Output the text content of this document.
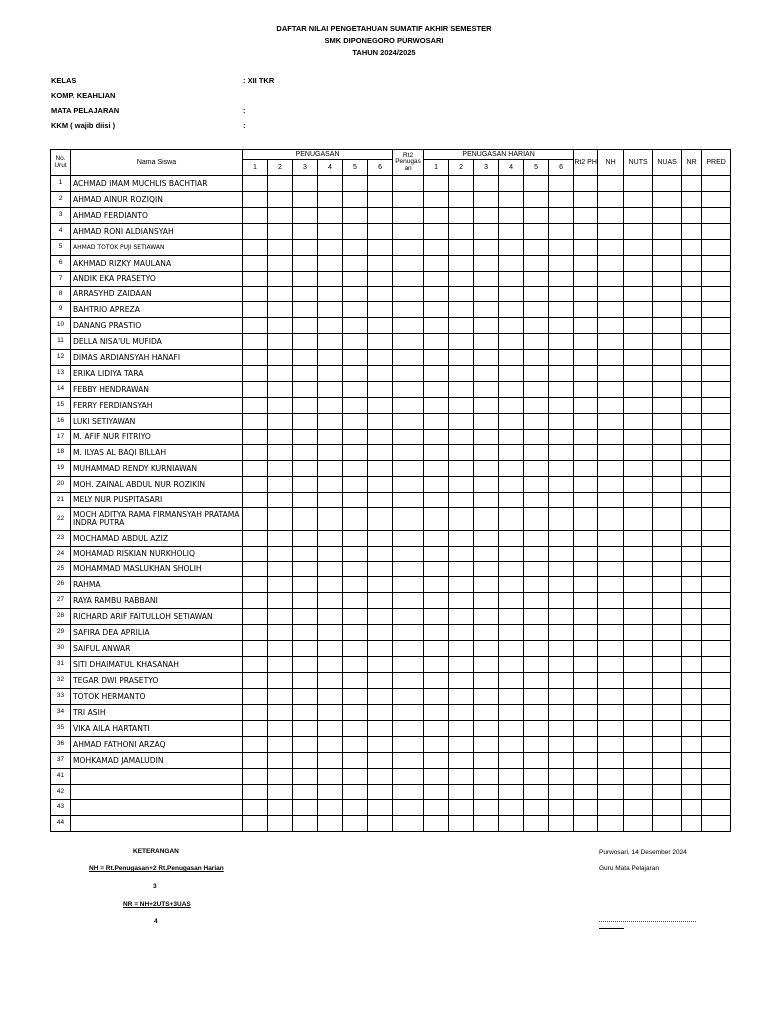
DAFTAR NILAI PENGETAHUAN SUMATIF AKHIR SEMESTER
SMK DIPONEGORO PURWOSARI
TAHUN 2024/2025
KELAS	: XII TKR
KOMP. KEAHLIAN
MATA PELAJARAN	:
KKM ( wajib diisi )	:
No. Urut	Nama Siswa	PENUGASAN						Rt2 Penugas an	PENUGASAN HARIAN						Rt2 PH	NH	NUTS	NUAS	NR	PRED
		1	2	3	4	5	6		1	2	3	4	5	6						
1	ACHMAD IMAM MUCHLIS BACHTIAR																			
2	AHMAD AINUR ROZIQIN																			
3	AHMAD FERDIANTO																			
4	AHMAD RONI ALDIANSYAH																			
5	AHMAD TOTOK PUJI SETIAWAN																			
6	AKHMAD RIZKY MAULANA																			
7	ANDIK EKA PRASETYO																			
8	ARRASYHD ZAIDAAN																			
9	BAHTRIO APREZA																			
10	DANANG PRASTIO																			
11	DELLA NISA'UL MUFIDA																			
12	DIMAS ARDIANSYAH HANAFI																			
13	ERIKA LIDIYA TARA																			
14	FEBBY HENDRAWAN																			
15	FERRY FERDIANSYAH																			
16	LUKI SETIYAWAN																			
17	M. AFIF NUR FITRIYO																			
18	M. ILYAS AL BAQI BILLAH																			
19	MUHAMMAD RENDY KURNIAWAN																			
20	MOH. ZAINAL ABDUL NUR ROZIKIN																			
21	MELY NUR PUSPITASARI																			
22	MOCH ADITYA RAMA FIRMANSYAH PRATAMA INDRA PUTRA																			
23	MOCHAMAD ABDUL AZIZ																			
24	MOHAMAD RISKIAN NURKHOLIQ																			
25	MOHAMMAD MASLUKHAN SHOLIH																			
26	RAHMA																			
27	RAYA RAMBU RABBANI																			
28	RICHARD ARIF FAITULLOH SETIAWAN																			
29	SAFIRA DEA APRILIA																			
30	SAIFUL ANWAR																			
31	SITI DHAIMATUL KHASANAH																			
32	TEGAR DWI PRASETYO																			
33	TOTOK HERMANTO																			
34	TRI ASIH																			
35	VIKA AILA HARTANTI																			
36	AHMAD FATHONI ARZAQ																			
37	MOHKAMAD JAMALUDIN																			
41																				
42																				
43																				
44																				
KETERANGAN
NH = Rt.Penugasan+2 Rt.Penugasan Harian
3
NR = NH+2UTS+3UAS
4
Purwosari, 14 Desember 2024
Guru Mata Pelajaran
